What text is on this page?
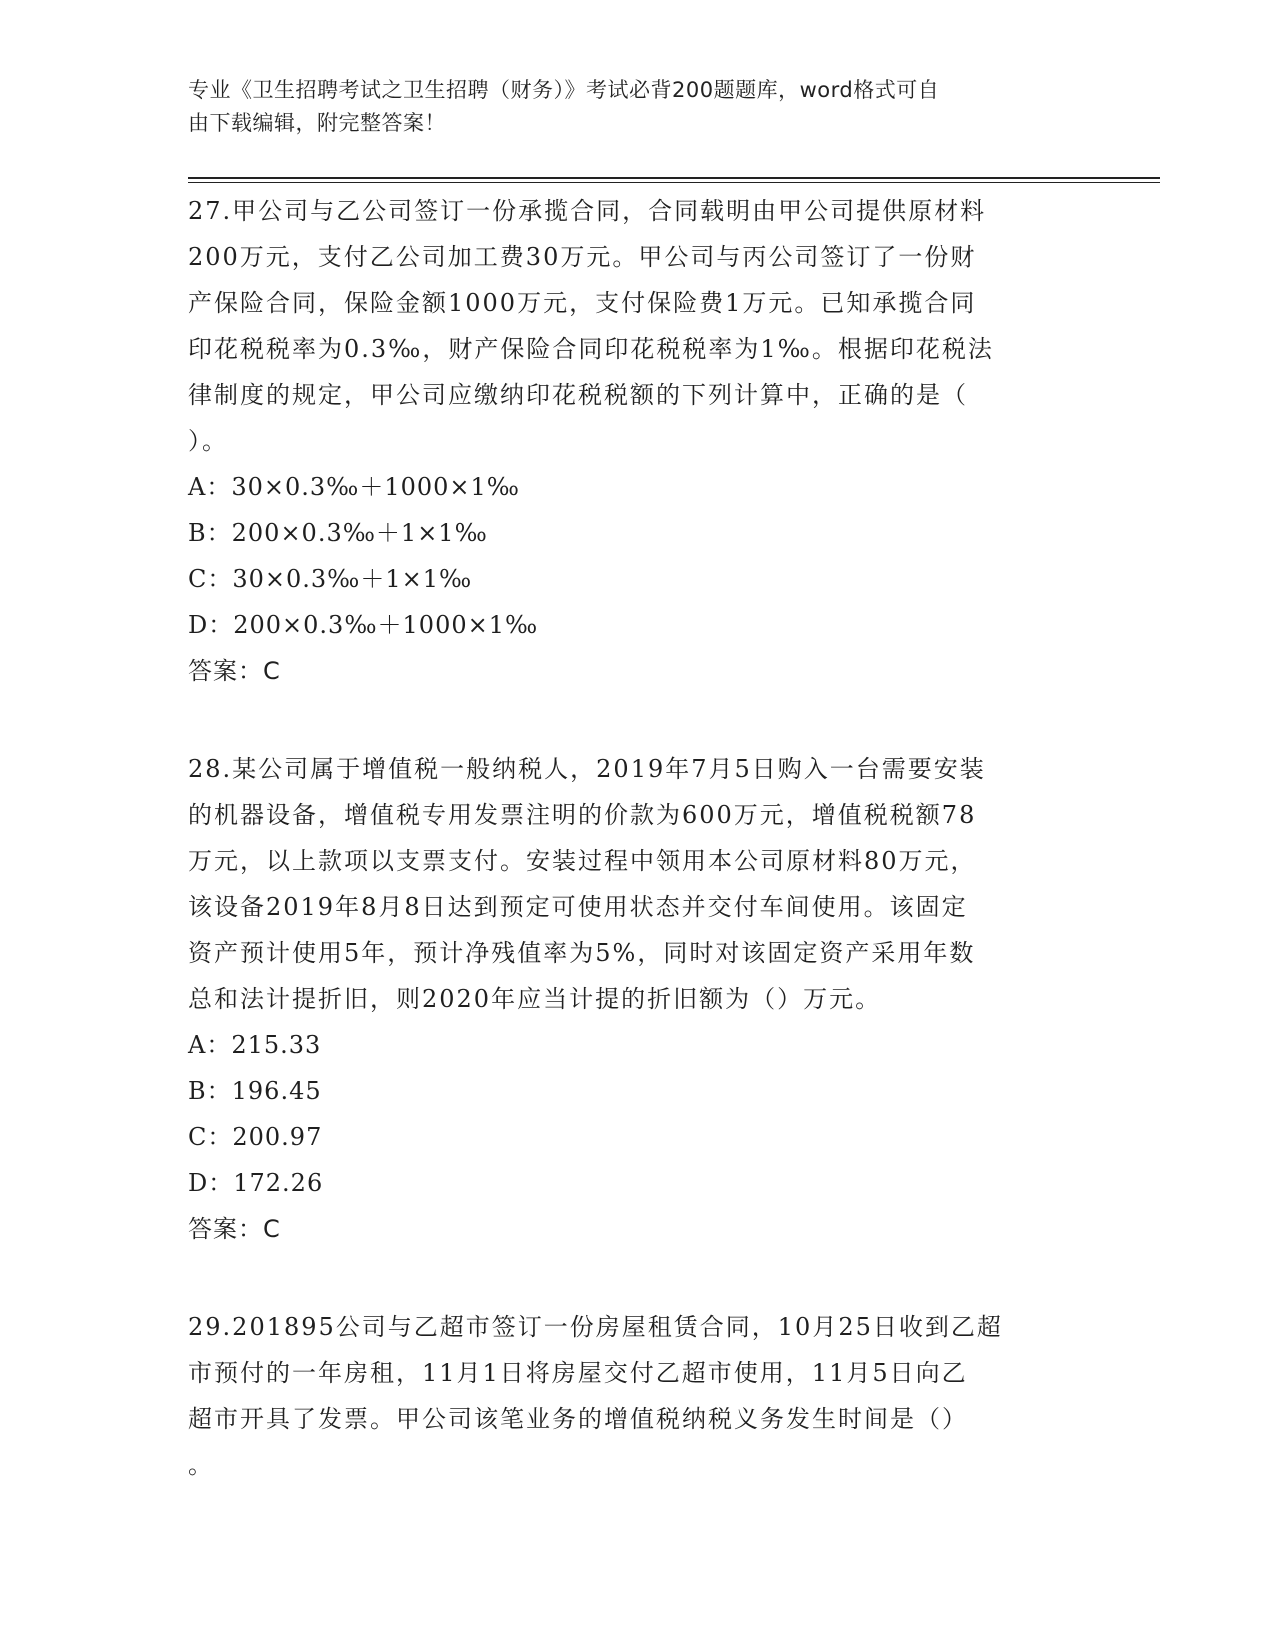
专业《卫生招聘考试之卫生招聘（财务）》考试必背200题题库，word格式可自
由下载编辑，附完整答案！

27.甲公司与乙公司签订一份承揽合同，合同载明由甲公司提供原材料

200万元，支付乙公司加工费30万元。甲公司与丙公司签订了一份财

产保险合同，保险金额1000万元，支付保险费1万元。已知承揽合同

印花税税率为0.3‰，财产保险合同印花税税率为1‰。根据印花税法

律制度的规定，甲公司应缴纳印花税税额的下列计算中，正确的是（

）。

A：30×0.3‰＋1000×1‰

B：200×0.3‰＋1×1‰

C：30×0.3‰＋1×1‰

D：200×0.3‰＋1000×1‰

答案：C

28.某公司属于增值税一般纳税人，2019年7月5日购入一台需要安装

的机器设备，增值税专用发票注明的价款为600万元，增值税税额78

万元，以上款项以支票支付。安装过程中领用本公司原材料80万元，

该设备2019年8月8日达到预定可使用状态并交付车间使用。该固定

资产预计使用5年，预计净残值率为5%，同时对该固定资产采用年数

总和法计提折旧，则2020年应当计提的折旧额为（）万元。

A：215.33

B：196.45

C：200.97

D：172.26

答案：C

29.201895公司与乙超市签订一份房屋租赁合同，10月25日收到乙超

市预付的一年房租，11月1日将房屋交付乙超市使用，11月5日向乙

超市开具了发票。甲公司该笔业务的增值税纳税义务发生时间是（）

。
